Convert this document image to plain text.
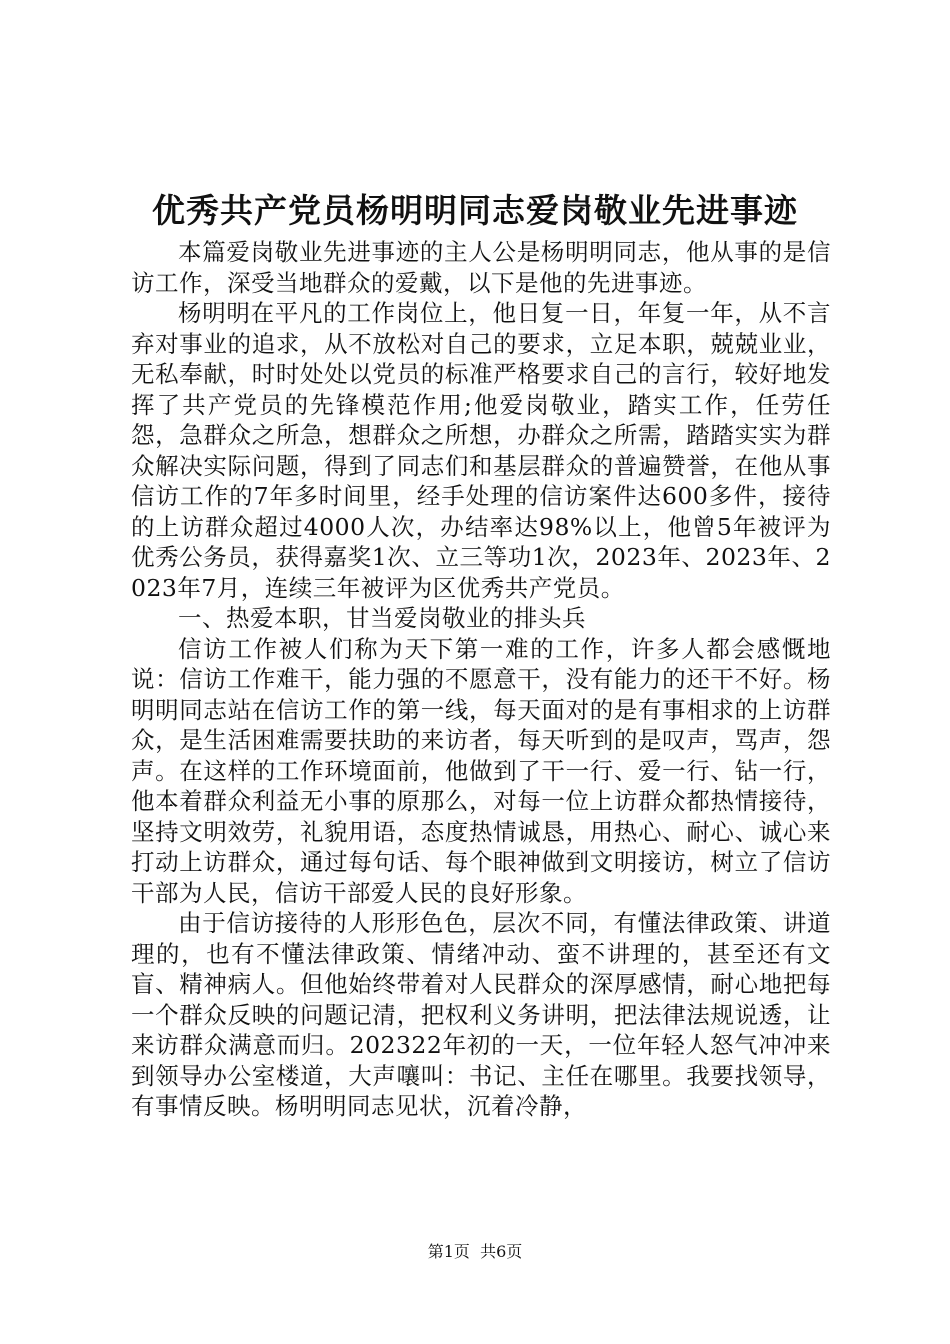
优秀共产党员杨明明同志爱岗敬业先进事迹

本篇爱岗敬业先进事迹的主人公是杨明明同志，他从事的是信访工作，深受当地群众的爱戴，以下是他的先进事迹。

杨明明在平凡的工作岗位上，他日复一日，年复一年，从不言弃对事业的追求，从不放松对自己的要求，立足本职，兢兢业业，无私奉献，时时处处以党员的标准严格要求自己的言行，较好地发挥了共产党员的先锋模范作用;他爱岗敬业，踏实工作，任劳任怨，急群众之所急，想群众之所想，办群众之所需，踏踏实实为群众解决实际问题，得到了同志们和基层群众的普遍赞誉，在他从事信访工作的7年多时间里，经手处理的信访案件达600多件，接待的上访群众超过4000人次，办结率达98%以上，他曾5年被评为优秀公务员，获得嘉奖1次、立三等功1次，2023年、2023年、2023年7月，连续三年被评为区优秀共产党员。

一、热爱本职，甘当爱岗敬业的排头兵

信访工作被人们称为天下第一难的工作，许多人都会感慨地说：信访工作难干，能力强的不愿意干，没有能力的还干不好。杨明明同志站在信访工作的第一线，每天面对的是有事相求的上访群众，是生活困难需要扶助的来访者，每天听到的是叹声，骂声，怨声。在这样的工作环境面前，他做到了干一行、爱一行、钻一行，他本着群众利益无小事的原那么，对每一位上访群众都热情接待，坚持文明效劳，礼貌用语，态度热情诚恳，用热心、耐心、诚心来打动上访群众，通过每句话、每个眼神做到文明接访，树立了信访干部为人民，信访干部爱人民的良好形象。

由于信访接待的人形形色色，层次不同，有懂法律政策、讲道理的，也有不懂法律政策、情绪冲动、蛮不讲理的，甚至还有文盲、精神病人。但他始终带着对人民群众的深厚感情，耐心地把每一个群众反映的问题记清，把权利义务讲明，把法律法规说透，让来访群众满意而归。202322年初的一天，一位年轻人怒气冲冲来到领导办公室楼道，大声嚷叫：书记、主任在哪里。我要找领导，有事情反映。杨明明同志见状，沉着冷静，

第1页 共6页
